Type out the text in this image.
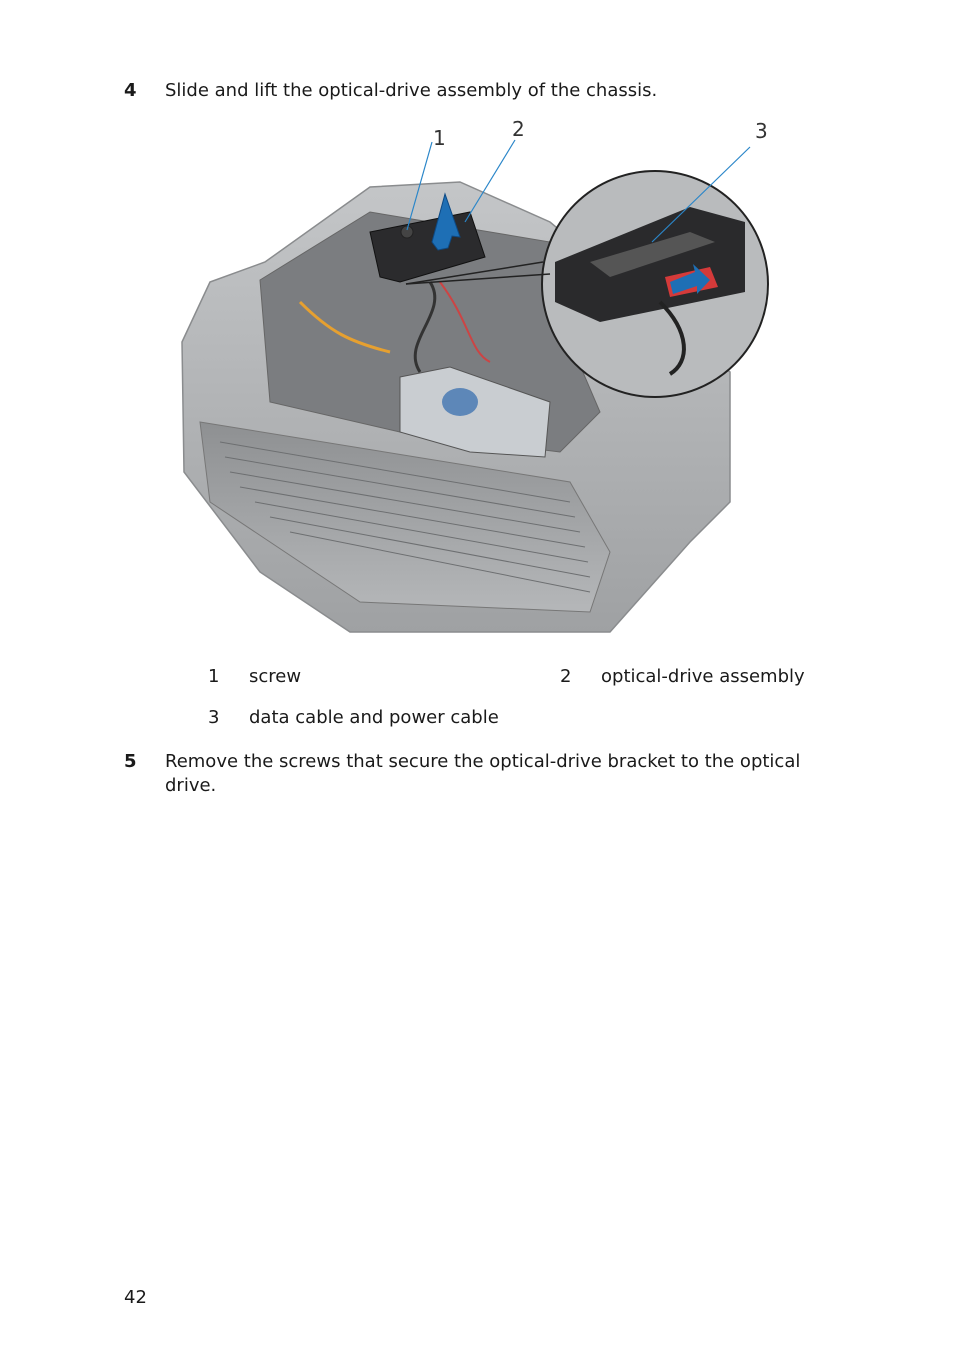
4	Slide and lift the optical-drive assembly of the chassis.
1	2	3
1 screw	2 optical-drive assembly
3 data cable and power cable
5	Remove the screws that secure the optical-drive bracket to the optical drive.
42
